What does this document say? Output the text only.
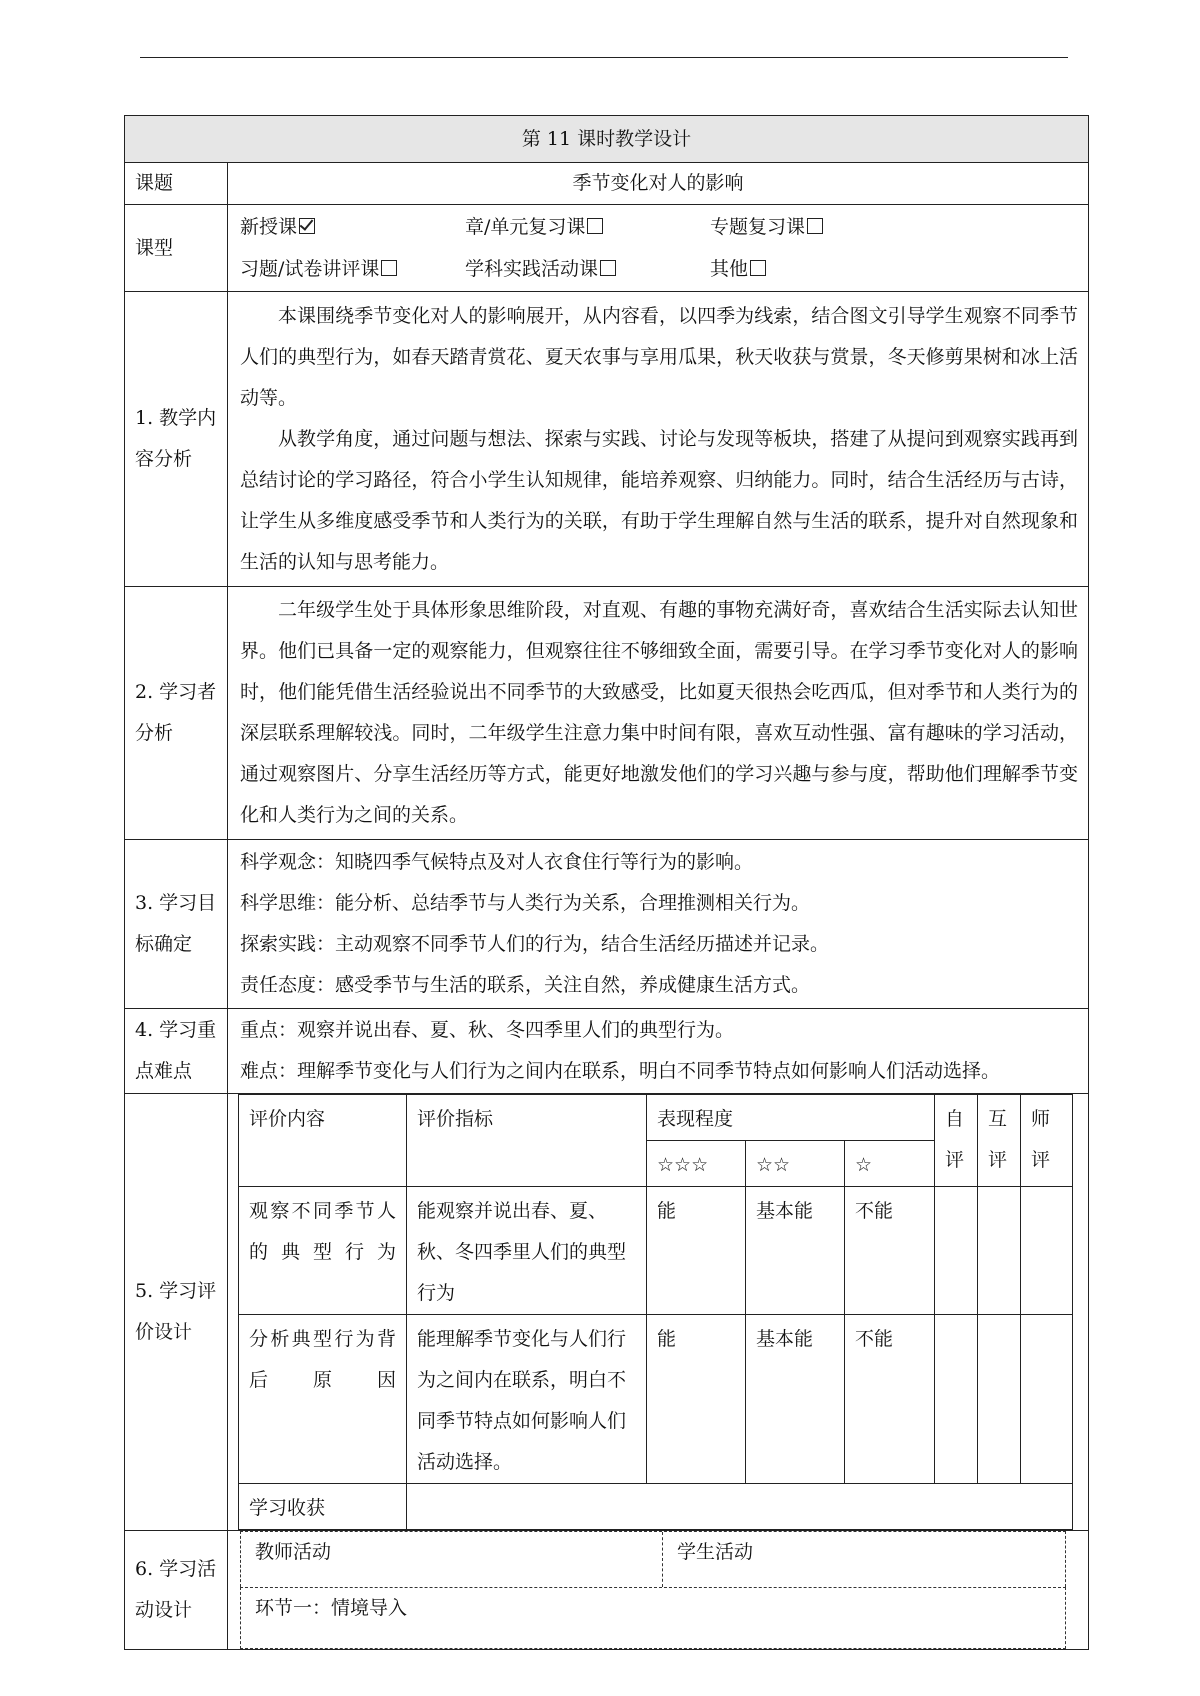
第 11 课时教学设计
课题	季节变化对人的影响
课型	
新授课	章/单元复习课	专题复习课
习题/试卷讲评课	学科实践活动课	其他

1. 教学内容分析	

本课围绕季节变化对人的影响展开，从内容看，以四季为线索，结合图文引导学生观察不同季节人们的典型行为，如春天踏青赏花、夏天农事与享用瓜果，秋天收获与赏景，冬天修剪果树和冰上活动等。

从教学角度，通过问题与想法、探索与实践、讨论与发现等板块，搭建了从提问到观察实践再到总结讨论的学习路径，符合小学生认知规律，能培养观察、归纳能力。同时，结合生活经历与古诗，让学生从多维度感受季节和人类行为的关联，有助于学生理解自然与生活的联系，提升对自然现象和生活的认知与思考能力。

2. 学习者分析	

二年级学生处于具体形象思维阶段，对直观、有趣的事物充满好奇，喜欢结合生活实际去认知世界。他们已具备一定的观察能力，但观察往往不够细致全面，需要引导。在学习季节变化对人的影响时，他们能凭借生活经验说出不同季节的大致感受，比如夏天很热会吃西瓜，但对季节和人类行为的深层联系理解较浅。同时，二年级学生注意力集中时间有限，喜欢互动性强、富有趣味的学习活动，通过观察图片、分享生活经历等方式，能更好地激发他们的学习兴趣与参与度，帮助他们理解季节变化和人类行为之间的关系。

3. 学习目标确定	

科学观念：知晓四季气候特点及对人衣食住行等行为的影响。

科学思维：能分析、总结季节与人类行为关系，合理推测相关行为。

探索实践：主动观察不同季节人们的行为，结合生活经历描述并记录。

责任态度：感受季节与生活的联系，关注自然，养成健康生活方式。

4. 学习重点难点	

重点：观察并说出春、夏、秋、冬四季里人们的典型行为。

难点：理解季节变化与人们行为之间内在联系，明白不同季节特点如何影响人们活动选择。

5. 学习评价设计	
评价内容	评价指标	表现程度	自评	互评	师评
☆☆☆	☆☆	☆
观察不同季节人的典型行为	能观察并说出春、夏、秋、冬四季里人们的典型行为	能	基本能	不能			
分析典型行为背后原因	能理解季节变化与人们行为之间内在联系，明白不同季节特点如何影响人们活动选择。	能	基本能	不能			
学习收获	

6. 学习活动设计	
教师活动	学生活动
环节一：情境导入
